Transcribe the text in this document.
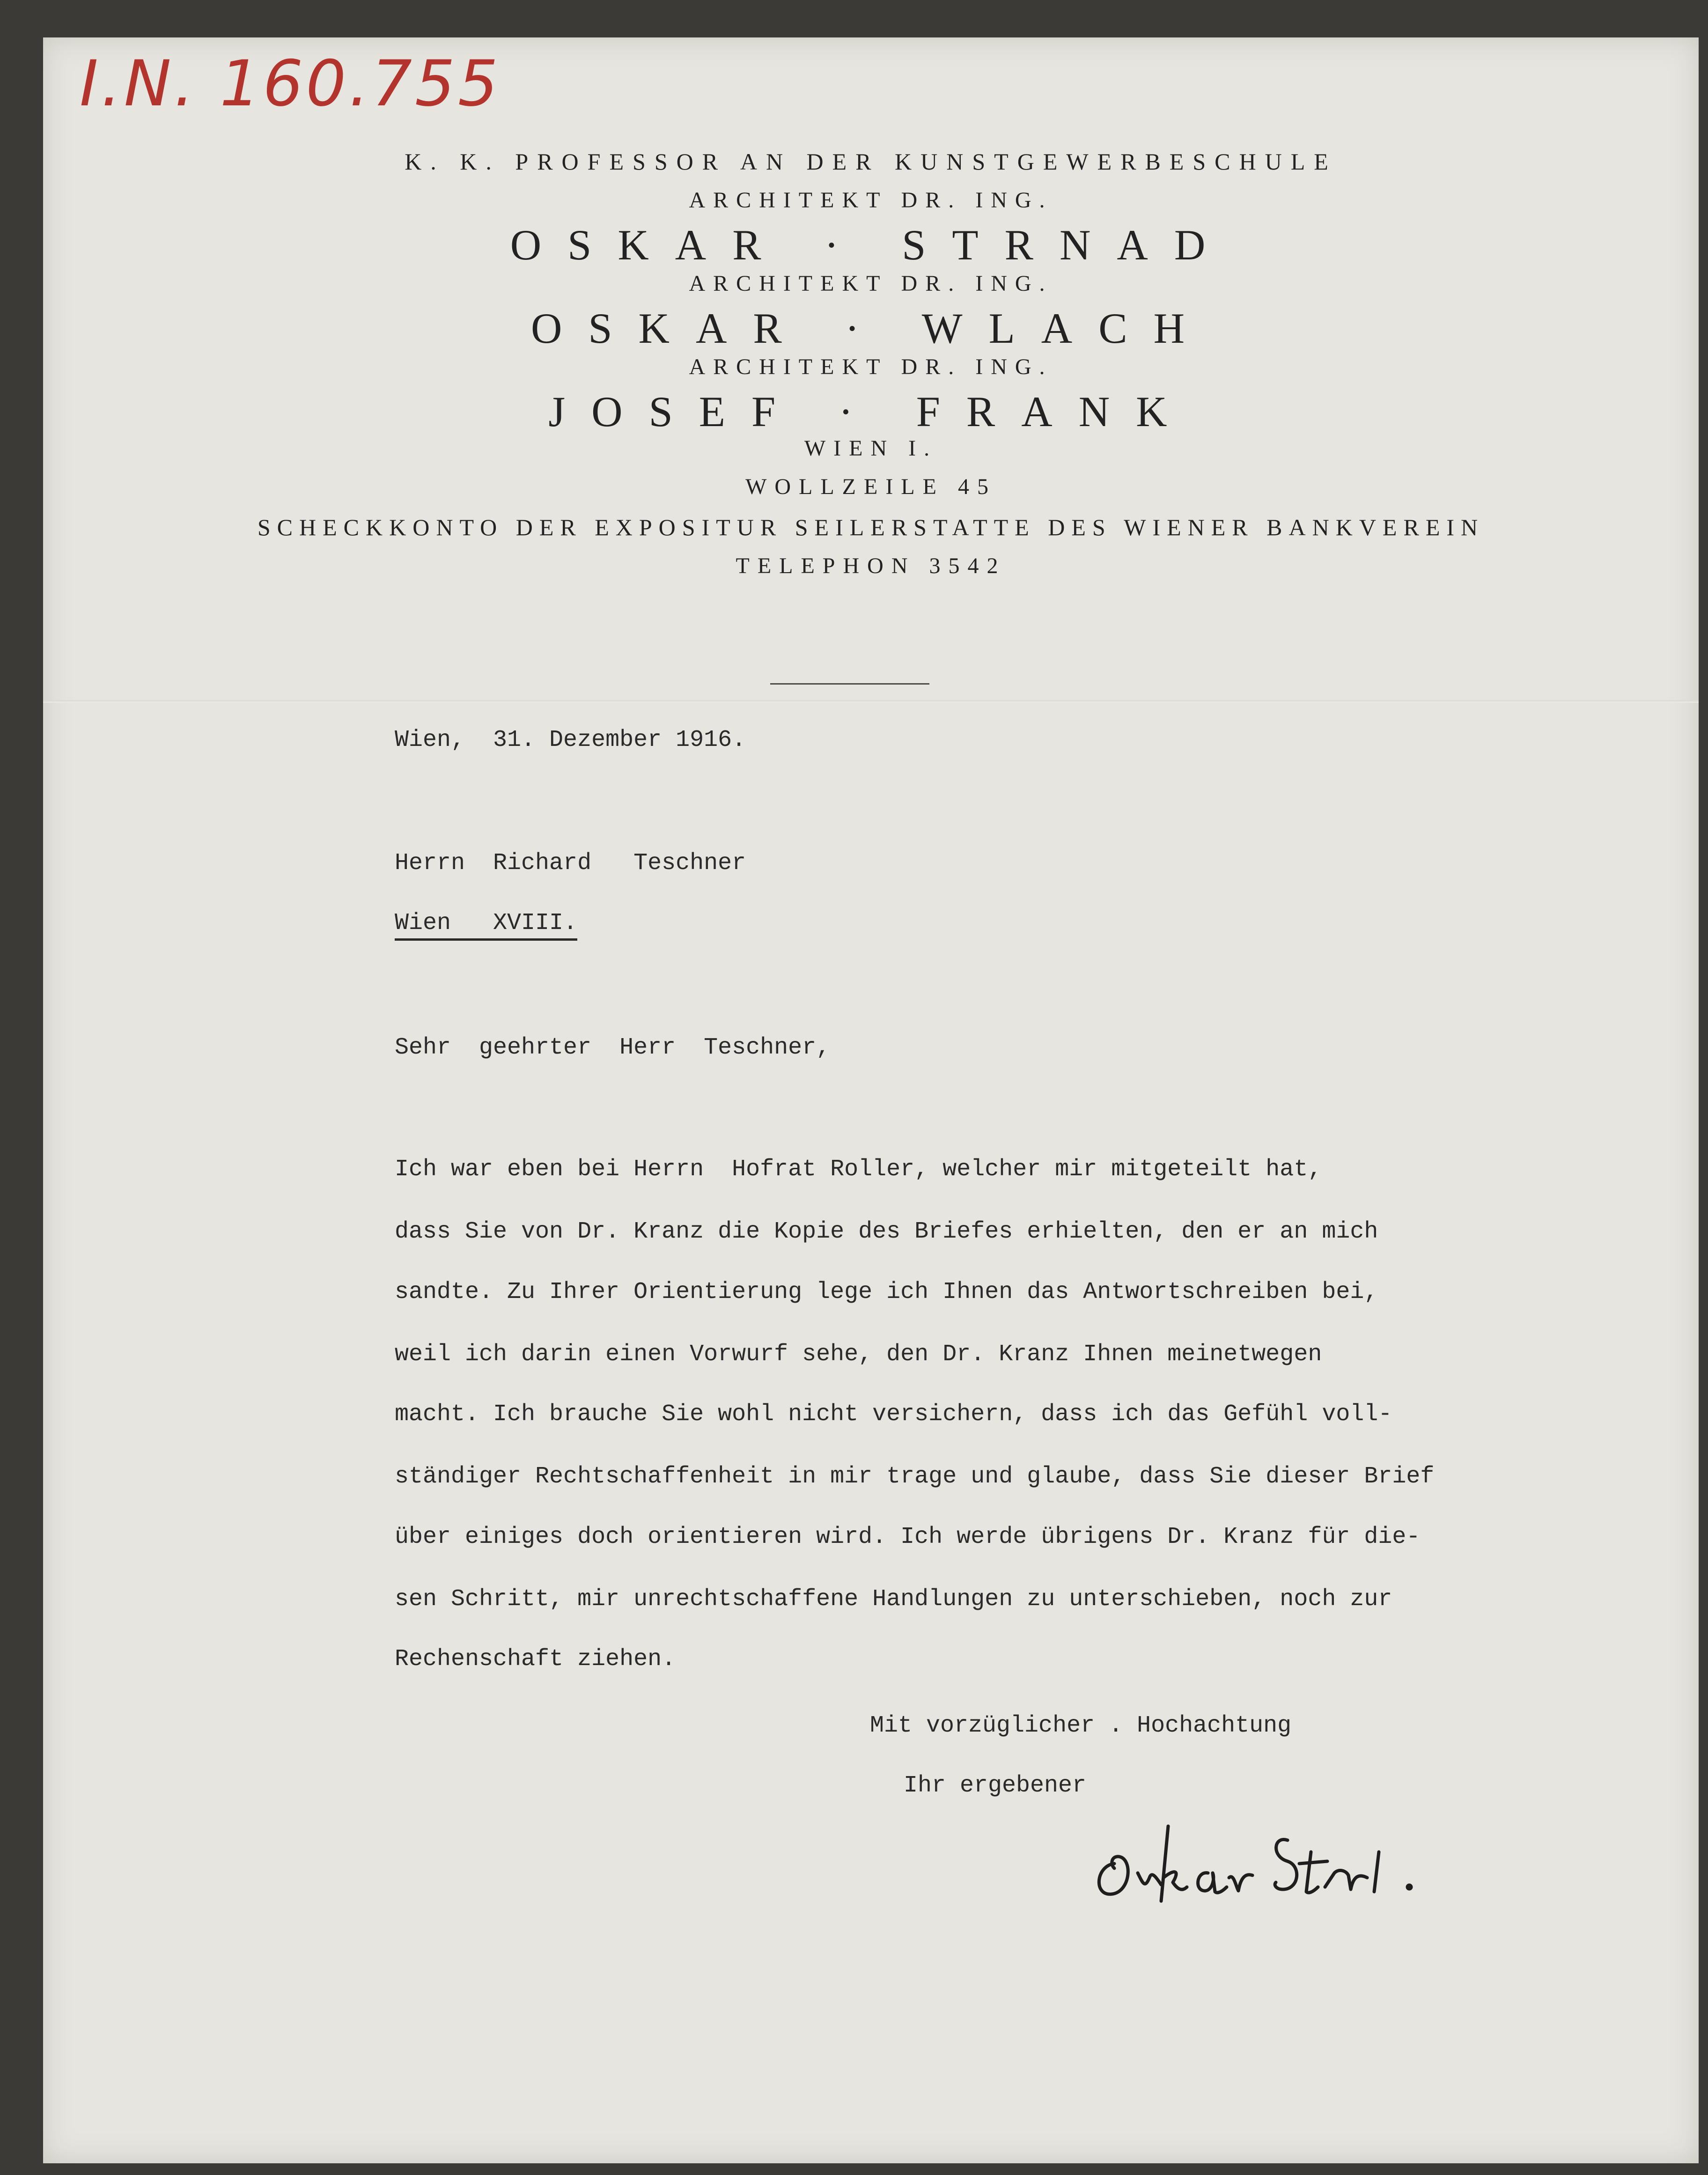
I.N. 160.755
K. K. PROFESSOR AN DER KUNSTGEWERBESCHULE
ARCHITEKT DR. ING.
OSKAR · STRNAD
ARCHITEKT DR. ING.
OSKAR · WLACH
ARCHITEKT DR. ING.
JOSEF · FRANK
WIEN I.
WOLLZEILE 45
SCHECKKONTO DER EXPOSITUR SEILERSTATTE DES WIENER BANKVEREIN
TELEPHON 3542
Wien,  31. Dezember 1916.
Herrn  Richard   Teschner
Wien   XVIII.
Sehr  geehrter  Herr  Teschner,
Ich war eben bei Herrn  Hofrat Roller, welcher mir mitgeteilt hat,
dass Sie von Dr. Kranz die Kopie des Briefes erhielten, den er an mich
sandte. Zu Ihrer Orientierung lege ich Ihnen das Antwortschreiben bei,
weil ich darin einen Vorwurf sehe, den Dr. Kranz Ihnen meinetwegen
macht. Ich brauche Sie wohl nicht versichern, dass ich das Gefühl voll-
ständiger Rechtschaffenheit in mir trage und glaube, dass Sie dieser Brief
über einiges doch orientieren wird. Ich werde übrigens Dr. Kranz für die-
sen Schritt, mir unrechtschaffene Handlungen zu unterschieben, noch zur
Rechenschaft ziehen.
Mit vorzüglicher . Hochachtung
Ihr ergebener
